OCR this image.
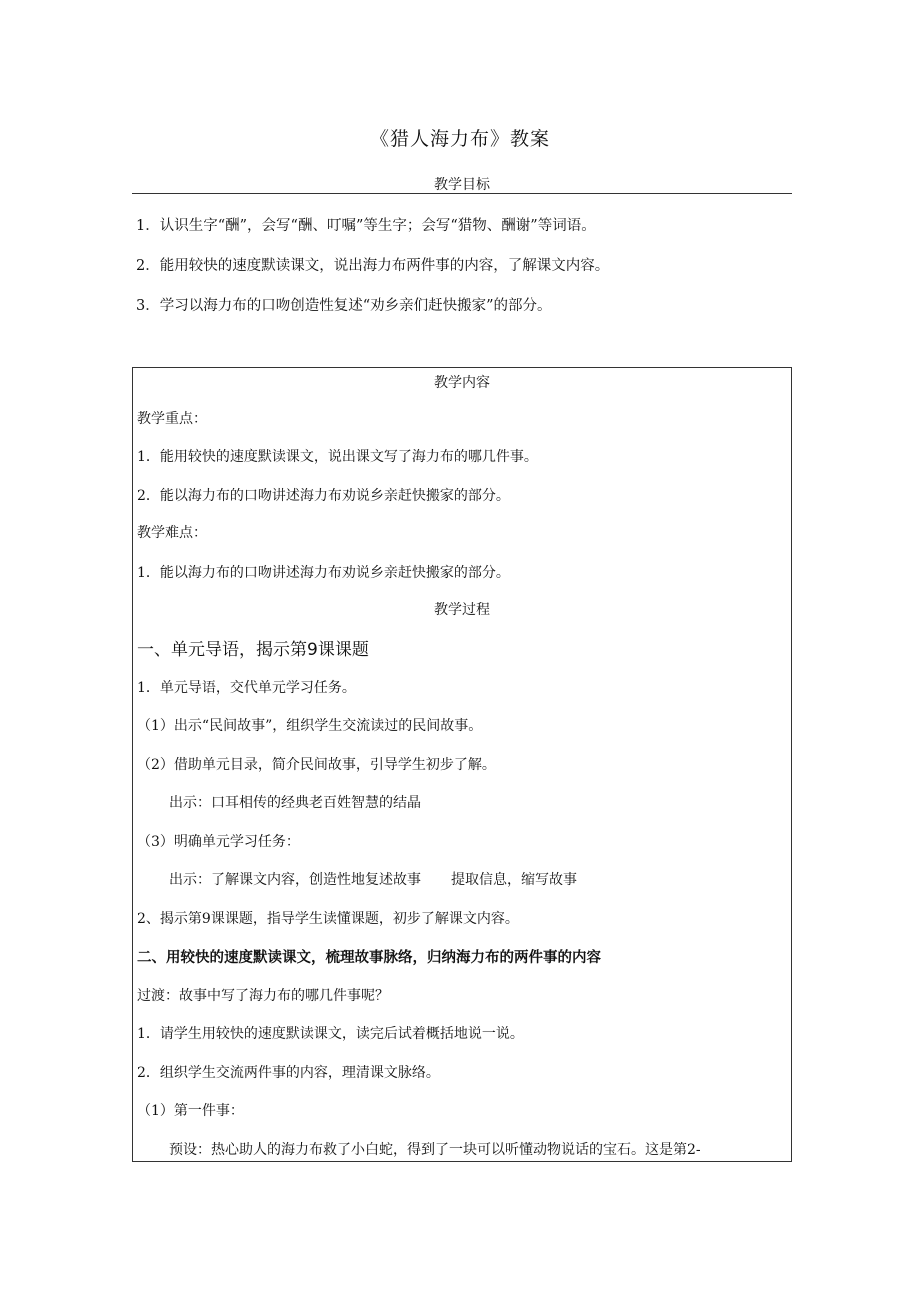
《猎人海力布》教案
教学目标
1．认识生字“酬”，会写“酬、叮嘱”等生字；会写“猎物、酬谢”等词语。
2．能用较快的速度默读课文，说出海力布两件事的内容，了解课文内容。
3．学习以海力布的口吻创造性复述“劝乡亲们赶快搬家”的部分。
教学内容
教学重点：
1．能用较快的速度默读课文，说出课文写了海力布的哪几件事。
2．能以海力布的口吻讲述海力布劝说乡亲赶快搬家的部分。
教学难点：
1．能以海力布的口吻讲述海力布劝说乡亲赶快搬家的部分。
教学过程
一、单元导语，揭示第9课课题
1．单元导语，交代单元学习任务。
（1）出示“民间故事”，组织学生交流读过的民间故事。
（2）借助单元目录，简介民间故事，引导学生初步了解。
出示：口耳相传的经典老百姓智慧的结晶
（3）明确单元学习任务：
出示：了解课文内容，创造性地复述故事 提取信息，缩写故事
2、揭示第9课课题，指导学生读懂课题，初步了解课文内容。
二、用较快的速度默读课文，梳理故事脉络，归纳海力布的两件事的内容
过渡：故事中写了海力布的哪几件事呢？
1．请学生用较快的速度默读课文，读完后试着概括地说一说。
2．组织学生交流两件事的内容，理清课文脉络。
（1）第一件事：
预设：热心助人的海力布救了小白蛇，得到了一块可以听懂动物说话的宝石。这是第2-
